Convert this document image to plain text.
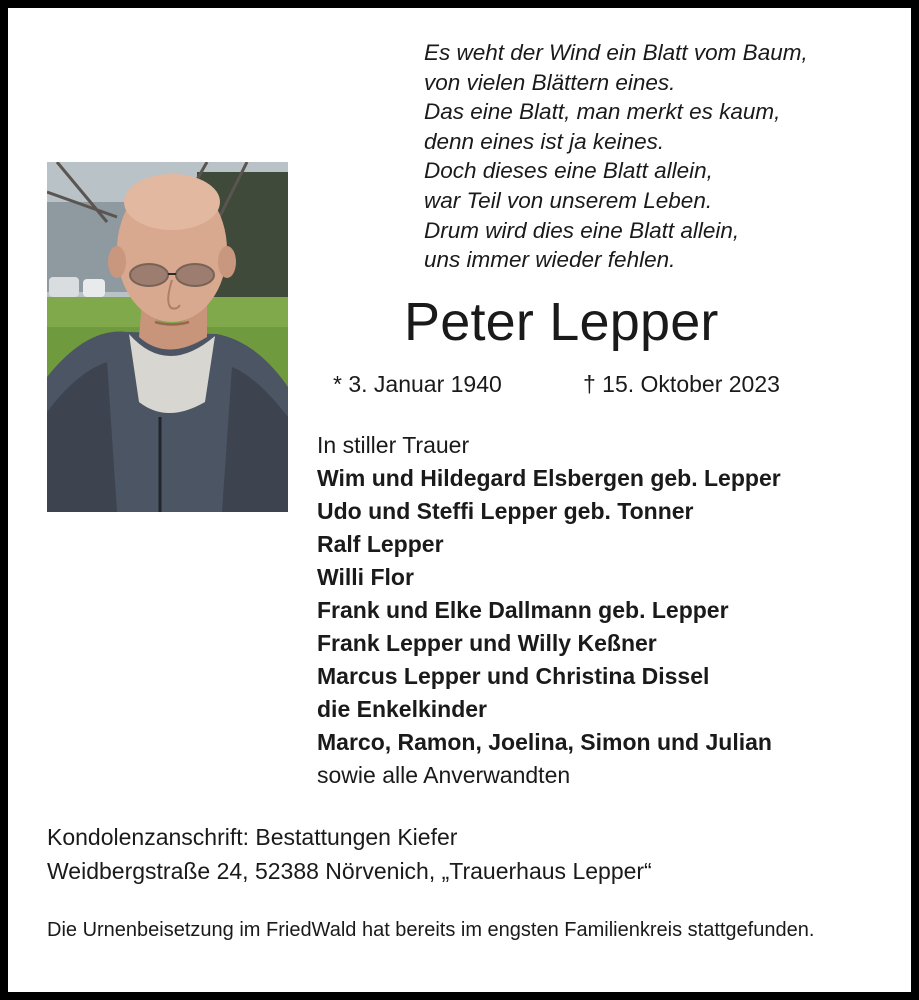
Es weht der Wind ein Blatt vom Baum,
von vielen Blättern eines.
Das eine Blatt, man merkt es kaum,
denn eines ist ja keines.
Doch dieses eine Blatt allein,
war Teil von unserem Leben.
Drum wird dies eine Blatt allein,
uns immer wieder fehlen.
Peter Lepper
* 3. Januar 1940	† 15. Oktober 2023
In stiller Trauer
Wim und Hildegard Elsbergen geb. Lepper
Udo und Steffi Lepper geb. Tonner
Ralf Lepper
Willi Flor
Frank und Elke Dallmann geb. Lepper
Frank Lepper und Willy Keßner
Marcus Lepper und Christina Dissel
die Enkelkinder
Marco, Ramon, Joelina, Simon und Julian
sowie alle Anverwandten
Kondolenzanschrift: Bestattungen Kiefer
Weidbergstraße 24, 52388 Nörvenich, „Trauerhaus Lepper“
Die Urnenbeisetzung im FriedWald hat bereits im engsten Familienkreis stattgefunden.
